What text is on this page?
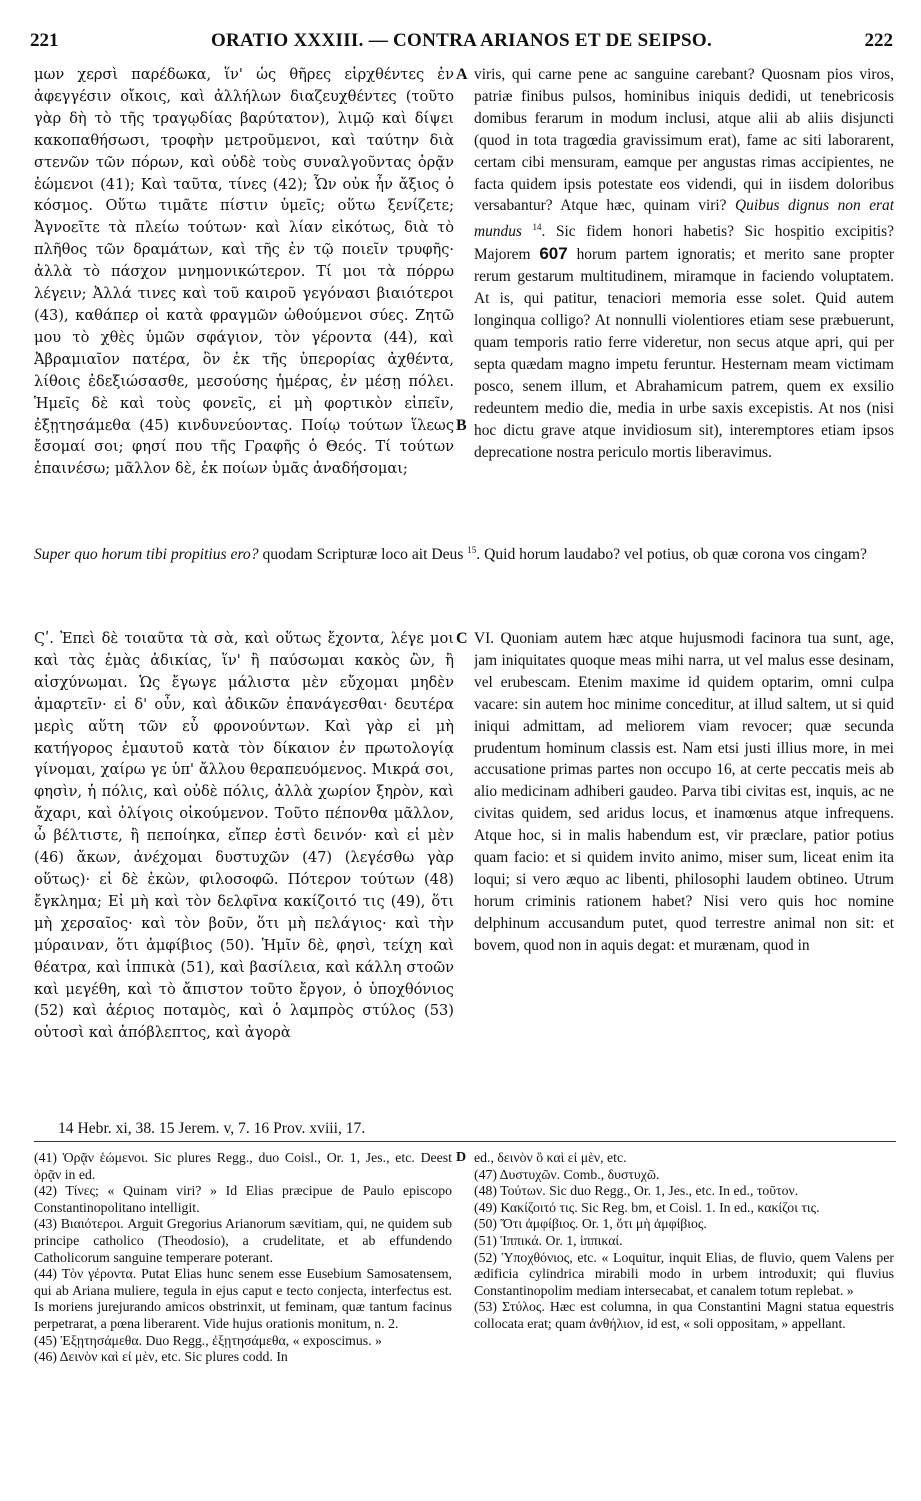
221	ORATIO XXXIII. — CONTRA ARIANOS ET DE SEIPSO.	222

μων χερσὶ παρέδωκα, ἵν' ὡς θῆρες εἱρχθέντες ἐν ἀφεγγέσιν οἴκοις, καὶ ἀλλήλων διαζευχθέντες (τοῦτο γὰρ δὴ τὸ τῆς τραγῳδίας βαρύτατον), λιμῷ καὶ δίψει κακοπαθήσωσι, τροφὴν μετροῦμενοι, καὶ ταύτην διὰ στενῶν τῶν πόρων, καὶ οὐδὲ τοὺς συναλγοῦντας ὁρᾷν ἑώμενοι (41); Καὶ ταῦτα, τίνες (42); Ὧν οὐκ ἦν ἄξιος ὁ κόσμος. Οὕτω τιμᾶτε πίστιν ὑμεῖς; οὕτω ξενίζετε; Ἀγνοεῖτε τὰ πλείω τούτων· καὶ λίαν εἰκότως, διὰ τὸ πλῆθος τῶν δραμάτων, καὶ τῆς ἐν τῷ ποιεῖν τρυφῆς· ἀλλὰ τὸ πάσχον μνημονικώτερον. Τί μοι τὰ πόρρω λέγειν; Ἀλλά τινες καὶ τοῦ καιροῦ γεγόνασι βιαιότεροι (43), καθάπερ οἱ κατὰ φραγμῶν ὠθούμενοι σύες. Ζητῶ μου τὸ χθὲς ὑμῶν σφάγιον, τὸν γέροντα (44), καὶ Ἀβραμιαῖον πατέρα, ὃν ἐκ τῆς ὑπερορίας ἀχθέντα, λίθοις ἐδεξιώσασθε, μεσούσης ἡμέρας, ἐν μέσῃ πόλει. Ἡμεῖς δὲ καὶ τοὺς φονεῖς, εἰ μὴ φορτικὸν εἰπεῖν, ἐξῃτησάμεθα (45) κινδυνεύοντας. Ποίῳ τούτων ἵλεως ἔσομαί σοι; φησί που τῆς Γραφῆς ὁ Θεός. Τί τούτων ἐπαινέσω; μᾶλλον δὲ, ἐκ ποίων ὑμᾶς ἀναδήσομαι;

A
B

viris, qui carne pene ac sanguine carebant? Quosnam pios viros, patriæ finibus pulsos, hominibus iniquis dedidi, ut tenebricosis domibus ferarum in modum inclusi, atque alii ab aliis disjuncti (quod in tota tragœdia gravissimum erat), fame ac siti laborarent, certam cibi mensuram, eamque per angustas rimas accipientes, ne facta quidem ipsis potestate eos videndi, qui in iisdem doloribus versabantur? Atque hæc, quinam viri? Quibus dignus non erat mundus $^{14}$. Sic fidem honori habetis? Sic hospitio excipitis? Majorem 607 horum partem ignoratis; et merito sane propter rerum gestarum multitudinem, miramque in faciendo voluptatem. At is, qui patitur, tenaciori memoria esse solet. Quid autem longinqua colligo? At nonnulli violentiores etiam sese præbuerunt, quam temporis ratio ferre videretur, non secus atque apri, qui per septa quædam magno impetu feruntur. Hesternam meam victimam posco, senem illum, et Abrahamicum patrem, quem ex exsilio redeuntem medio die, media in urbe saxis excepistis. At nos (nisi hoc dictu grave atque invidiosum sit), interemptores etiam ipsos deprecatione nostra periculo mortis liberavimus.

Super quo horum tibi propitius ero? quodam Scripturæ loco ait Deus $^{15}$. Quid horum laudabo? vel potius, ob quæ corona vos cingam?
C

Ϛʹ. Ἐπεὶ δὲ τοιαῦτα τὰ σὰ, καὶ οὕτως ἔχοντα, λέγε μοι καὶ τὰς ἐμὰς ἀδικίας, ἵν' ἢ παύσωμαι κακὸς ὢν, ἢ αἰσχύνωμαι. Ὡς ἔγωγε μάλιστα μὲν εὔχομαι μηδὲν ἁμαρτεῖν· εἰ δ' οὖν, καὶ ἀδικῶν ἐπανάγεσθαι· δευτέρα μερὶς αὕτη τῶν εὖ φρονούντων. Καὶ γὰρ εἰ μὴ κατήγορος ἐμαυτοῦ κατὰ τὸν δίκαιον ἐν πρωτολογίᾳ γίνομαι, χαίρω γε ὑπ' ἄλλου θεραπευόμενος. Μικρά σοι, φησὶν, ἡ πόλις, καὶ οὐδὲ πόλις, ἀλλὰ χωρίον ξηρὸν, καὶ ἄχαρι, καὶ ὀλίγοις οἰκούμενον. Τοῦτο πέπονθα μᾶλλον, ὦ βέλτιστε, ἢ πεποίηκα, εἴπερ ἐστὶ δεινόν· καὶ εἰ μὲν (46) ἄκων, ἀνέχομαι δυστυχῶν (47) (λεγέσθω γὰρ οὕτως)· εἰ δὲ ἑκὼν, φιλοσοφῶ. Πότερον τούτων (48) ἔγκλημα; Εἰ μὴ καὶ τὸν δελφῖνα κακίζοιτό τις (49), ὅτι μὴ χερσαῖος· καὶ τὸν βοῦν, ὅτι μὴ πελάγιος· καὶ τὴν μύραιναν, ὅτι ἀμφίβιος (50). Ἡμῖν δὲ, φησὶ, τείχη καὶ θέατρα, καὶ ἱππικὰ (51), καὶ βασίλεια, καὶ κάλλη στοῶν καὶ μεγέθη, καὶ τὸ ἄπιστον τοῦτο ἔργον, ὁ ὑποχθόνιος (52) καὶ ἀέριος ποταμὸς, καὶ ὁ λαμπρὸς στύλος (53) οὑτοσὶ καὶ ἀπόβλεπτος, καὶ ἀγορὰ

VI. Quoniam autem hæc atque hujusmodi facinora tua sunt, age, jam iniquitates quoque meas mihi narra, ut vel malus esse desinam, vel erubescam. Etenim maxime id quidem optarim, omni culpa vacare: sin autem hoc minime conceditur, at illud saltem, ut si quid iniqui admittam, ad meliorem viam revocer; quæ secunda prudentum hominum classis est. Nam etsi justi illius more, in mei accusatione primas partes non occupo 16, at certe peccatis meis ab alio medicinam adhiberi gaudeo. Parva tibi civitas est, inquis, ac ne civitas quidem, sed aridus locus, et inamœnus atque infrequens. Atque hoc, si in malis habendum est, vir præclare, patior potius quam facio: et si quidem invito animo, miser sum, liceat enim ita loqui; si vero æquo ac libenti, philosophi laudem obtineo. Utrum horum criminis rationem habet? Nisi vero quis hoc nomine delphinum accusandum putet, quod terrestre animal non sit: et bovem, quod non in aquis degat: et murænam, quod in

14 Hebr. xi, 38. 15 Jerem. v, 7. 16 Prov. xviii, 17.
D

(41) Ὁρᾷν ἑώμενοι. Sic plures Regg., duo Coisl., Or. 1, Jes., etc. Deest ὁρᾷν in ed.

(42) Τίνες; « Quinam viri? » Id Elias præcipue de Paulo episcopo Constantinopolitano intelligit.

(43) Βιαιότεροι. Arguit Gregorius Arianorum sævitiam, qui, ne quidem sub principe catholico (Theodosio), a crudelitate, et ab effundendo Catholicorum sanguine temperare poterant.

(44) Τὸν γέροντα. Putat Elias hunc senem esse Eusebium Samosatensem, qui ab Ariana muliere, tegula in ejus caput e tecto conjecta, interfectus est. Is moriens jurejurando amicos obstrinxit, ut feminam, quæ tantum facinus perpetrarat, a pœna liberarent. Vide hujus orationis monitum, n. 2.

(45) Ἐξῃτησάμεθα. Duo Regg., ἐξῃτησάμεθα, « exposcimus. »

(46) Δεινὸν καὶ εἰ μὲν, etc. Sic plures codd. In

ed., δεινὸν ὃ καὶ εἰ μὲν, etc.

(47) Δυστυχῶν. Comb., δυστυχῶ.

(48) Τούτων. Sic duo Regg., Or. 1, Jes., etc. In ed., τοῦτον.

(49) Κακίζοιτό τις. Sic Reg. bm, et Coisl. 1. In ed., κακίζοι τις.

(50) Ὅτι ἀμφίβιος. Or. 1, ὅτι μὴ ἀμφίβιος.

(51) Ἱππικά. Or. 1, ἱππικαί.

(52) Ὑποχθόνιος, etc. « Loquitur, inquit Elias, de fluvio, quem Valens per ædificia cylindrica mirabili modo in urbem introduxit; qui fluvius Constantinopolim mediam intersecabat, et canalem totum replebat. »

(53) Στύλος. Hæc est columna, in qua Constantini Magni statua equestris collocata erat; quam ἀνθήλιον, id est, « soli oppositam, » appellant.
